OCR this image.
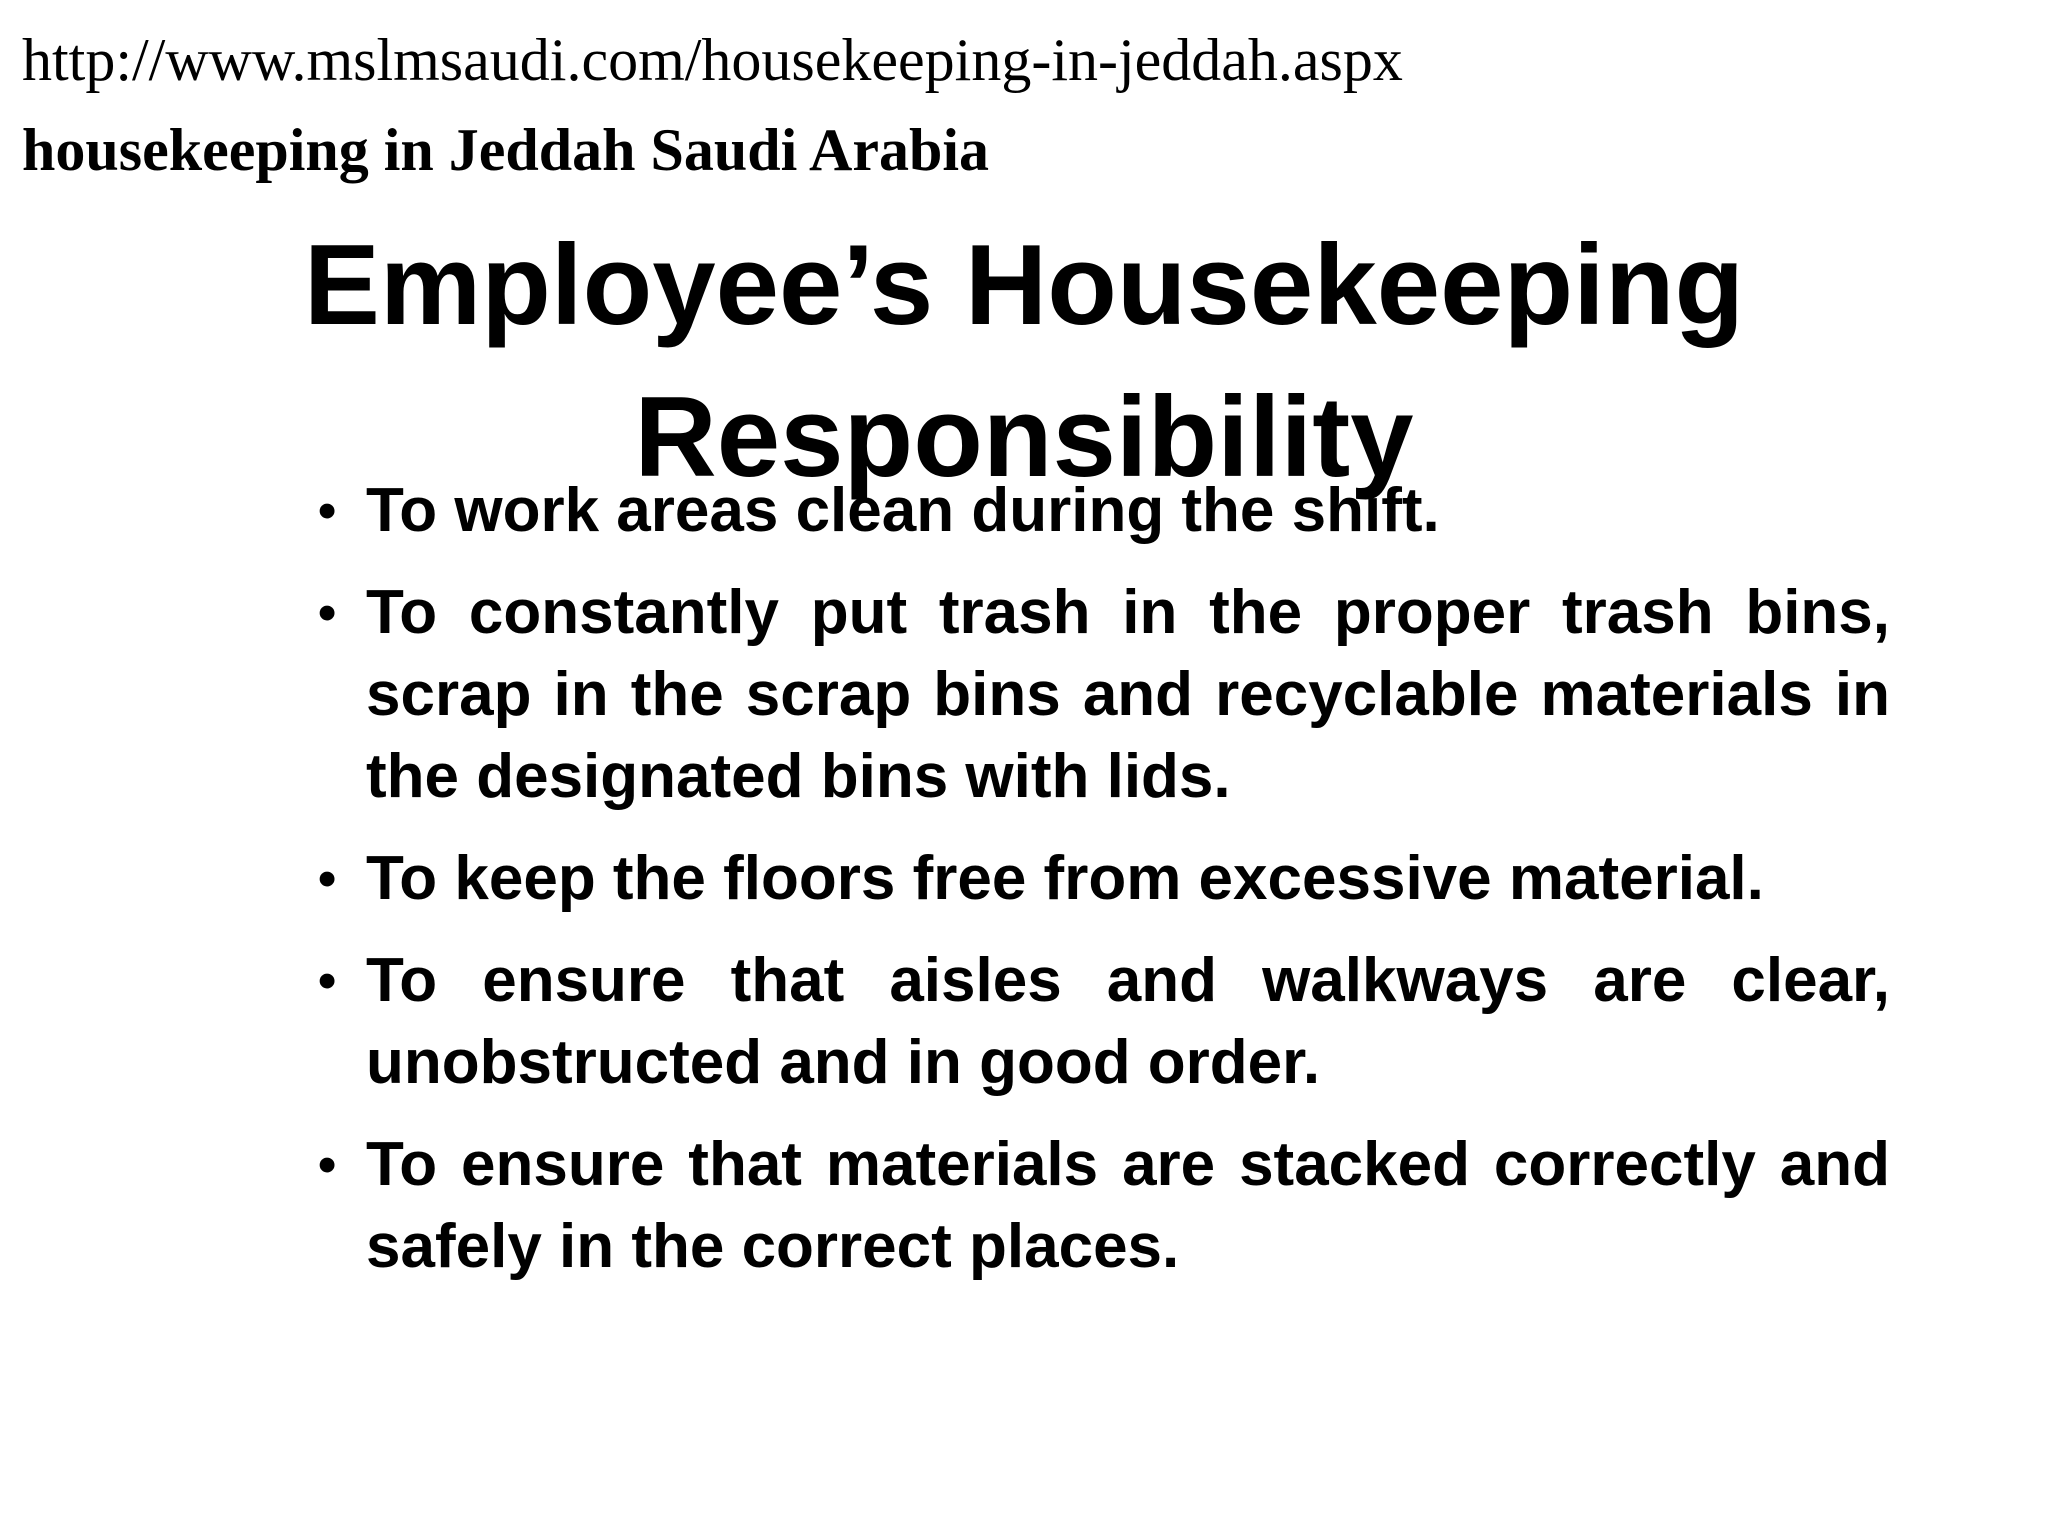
http://www.mslmsaudi.com/housekeeping-in-jeddah.aspx
housekeeping in Jeddah Saudi Arabia
Employee’s Housekeeping
Responsibility
• To work areas clean during the shift.
• To constantly put trash in the proper trash bins, scrap in the scrap bins and recyclable materials in the designated bins with lids.
• To keep the floors free from excessive material.
• To ensure that aisles and walkways are clear, unobstructed and in good order.
• To ensure that materials are stacked correctly and safely in the correct places.
